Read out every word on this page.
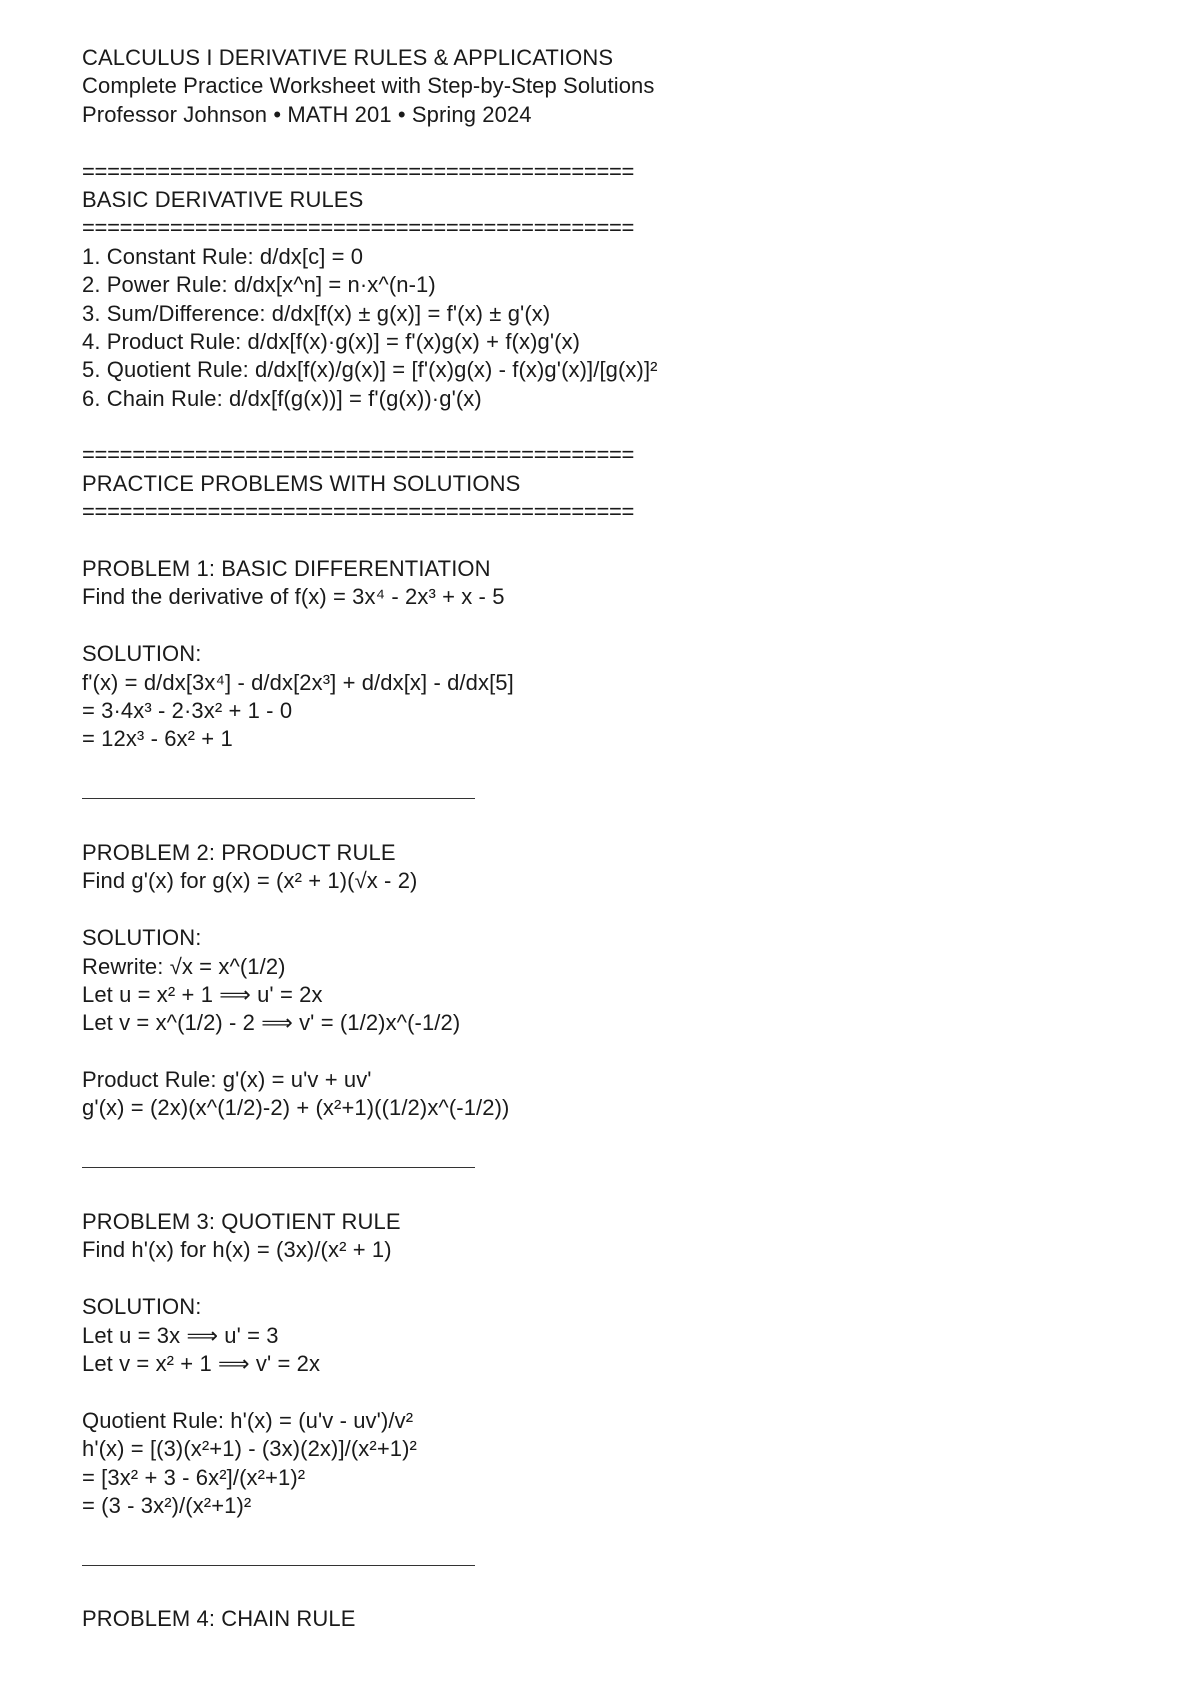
CALCULUS I DERIVATIVE RULES & APPLICATIONS
Complete Practice Worksheet with Step-by-Step Solutions
Professor Johnson • MATH 201 • Spring 2024
============================================
BASIC DERIVATIVE RULES
============================================
1. Constant Rule: d/dx[c] = 0
2. Power Rule: d/dx[x^n] = n·x^(n-1)
3. Sum/Difference: d/dx[f(x) ± g(x)] = f'(x) ± g'(x)
4. Product Rule: d/dx[f(x)·g(x)] = f'(x)g(x) + f(x)g'(x)
5. Quotient Rule: d/dx[f(x)/g(x)] = [f'(x)g(x) - f(x)g'(x)]/[g(x)]²
6. Chain Rule: d/dx[f(g(x))] = f'(g(x))·g'(x)
============================================
PRACTICE PROBLEMS WITH SOLUTIONS
============================================
PROBLEM 1: BASIC DIFFERENTIATION
Find the derivative of f(x) = 3x⁴ - 2x³ + x - 5
SOLUTION:
f'(x) = d/dx[3x⁴] - d/dx[2x³] + d/dx[x] - d/dx[5]
= 3·4x³ - 2·3x² + 1 - 0
= 12x³ - 6x² + 1
PROBLEM 2: PRODUCT RULE
Find g'(x) for g(x) = (x² + 1)(√x - 2)
SOLUTION:
Rewrite: √x = x^(1/2)
Let u = x² + 1 ⟹ u' = 2x
Let v = x^(1/2) - 2 ⟹ v' = (1/2)x^(-1/2)
Product Rule: g'(x) = u'v + uv'
g'(x) = (2x)(x^(1/2)-2) + (x²+1)((1/2)x^(-1/2))
PROBLEM 3: QUOTIENT RULE
Find h'(x) for h(x) = (3x)/(x² + 1)
SOLUTION:
Let u = 3x ⟹ u' = 3
Let v = x² + 1 ⟹ v' = 2x
Quotient Rule: h'(x) = (u'v - uv')/v²
h'(x) = [(3)(x²+1) - (3x)(2x)]/(x²+1)²
= [3x² + 3 - 6x²]/(x²+1)²
= (3 - 3x²)/(x²+1)²
PROBLEM 4: CHAIN RULE
